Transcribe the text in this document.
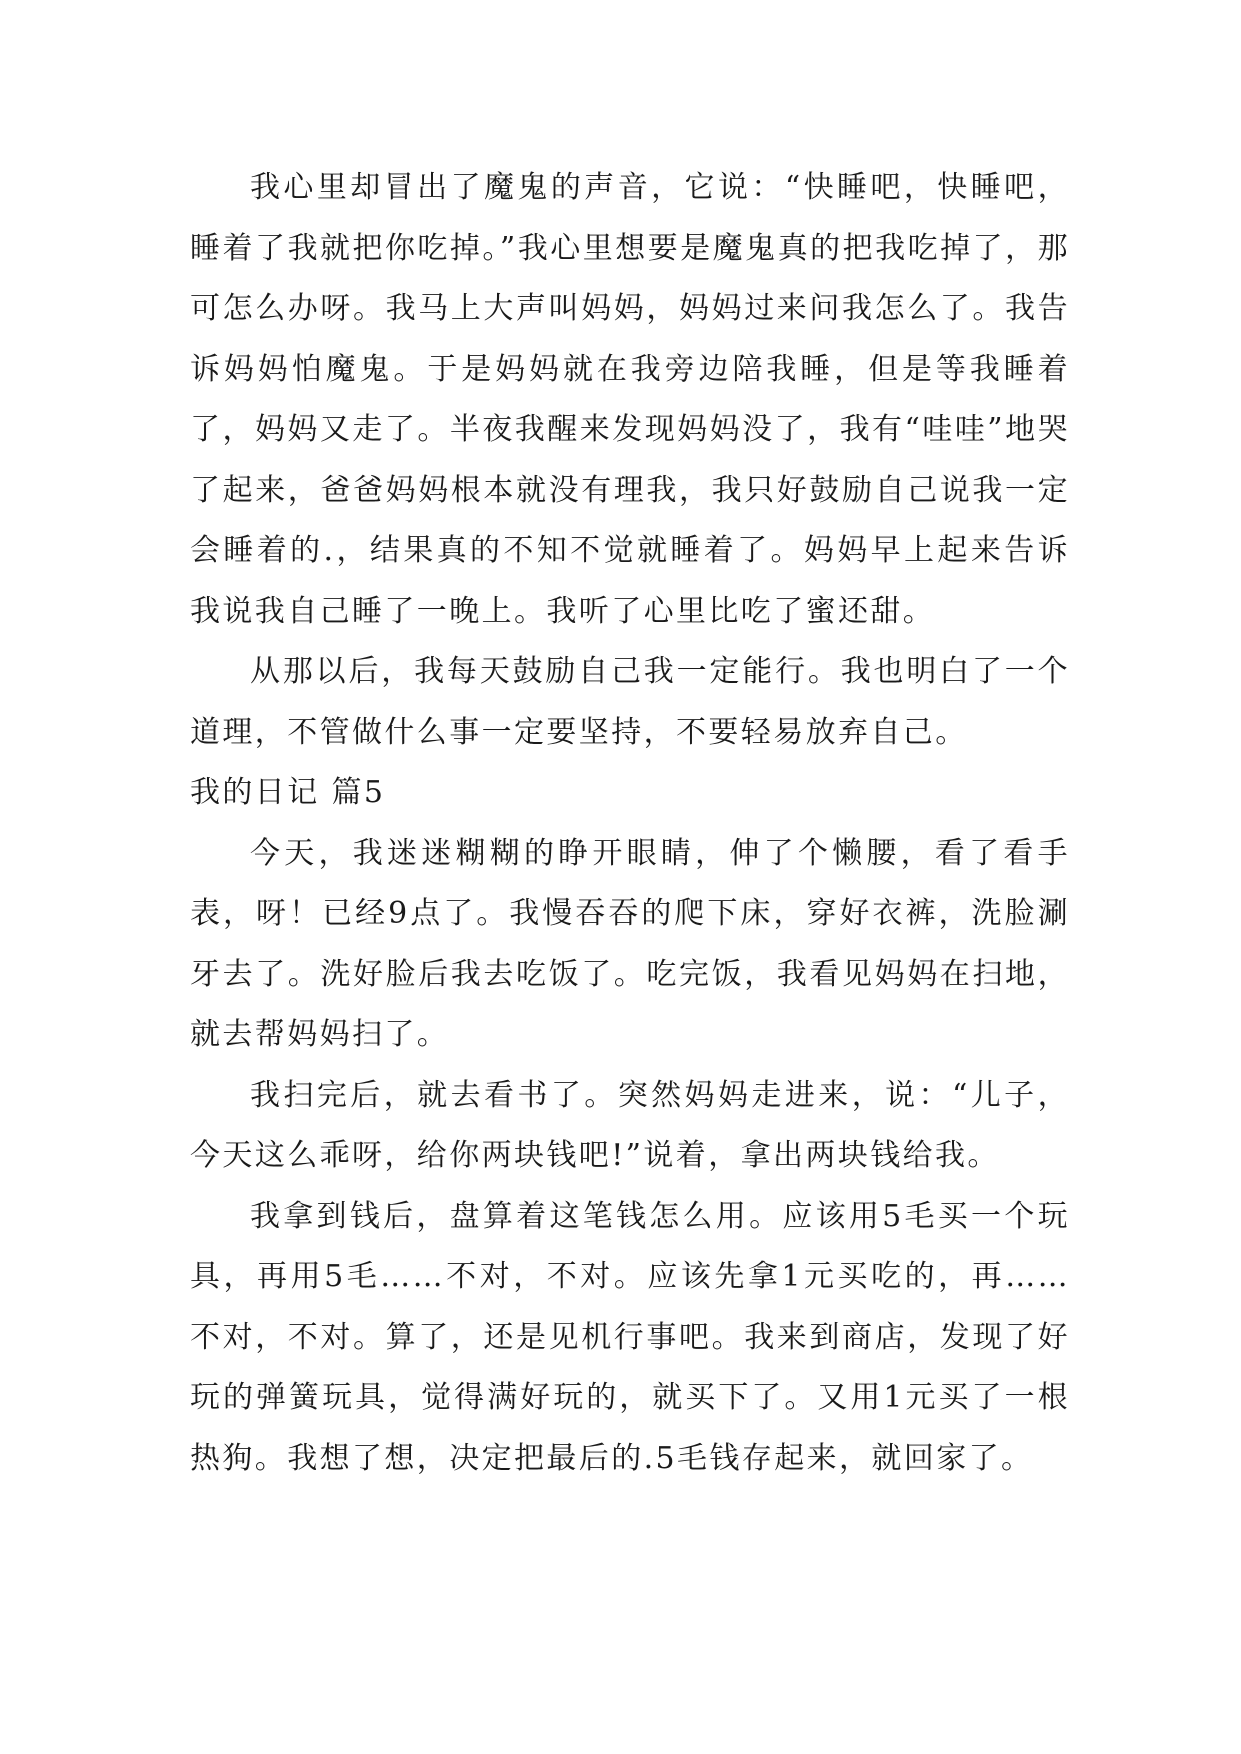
我心里却冒出了魔鬼的声音，它说：“快睡吧，快睡吧，睡着了我就把你吃掉。”我心里想要是魔鬼真的把我吃掉了，那可怎么办呀。我马上大声叫妈妈，妈妈过来问我怎么了。我告诉妈妈怕魔鬼。于是妈妈就在我旁边陪我睡，但是等我睡着了，妈妈又走了。半夜我醒来发现妈妈没了，我有“哇哇”地哭了起来，爸爸妈妈根本就没有理我，我只好鼓励自己说我一定会睡着的.，结果真的不知不觉就睡着了。妈妈早上起来告诉我说我自己睡了一晚上。我听了心里比吃了蜜还甜。

从那以后，我每天鼓励自己我一定能行。我也明白了一个道理，不管做什么事一定要坚持，不要轻易放弃自己。

我的日记 篇5

今天，我迷迷糊糊的睁开眼睛，伸了个懒腰，看了看手表，呀！已经9点了。我慢吞吞的爬下床，穿好衣裤，洗脸涮牙去了。洗好脸后我去吃饭了。吃完饭，我看见妈妈在扫地，就去帮妈妈扫了。

我扫完后，就去看书了。突然妈妈走进来，说：“儿子，今天这么乖呀，给你两块钱吧!”说着，拿出两块钱给我。

我拿到钱后，盘算着这笔钱怎么用。应该用5毛买一个玩具，再用5毛……不对，不对。应该先拿1元买吃的，再……不对，不对。算了，还是见机行事吧。我来到商店，发现了好玩的弹簧玩具，觉得满好玩的，就买下了。又用1元买了一根热狗。我想了想，决定把最后的.5毛钱存起来，就回家了。
